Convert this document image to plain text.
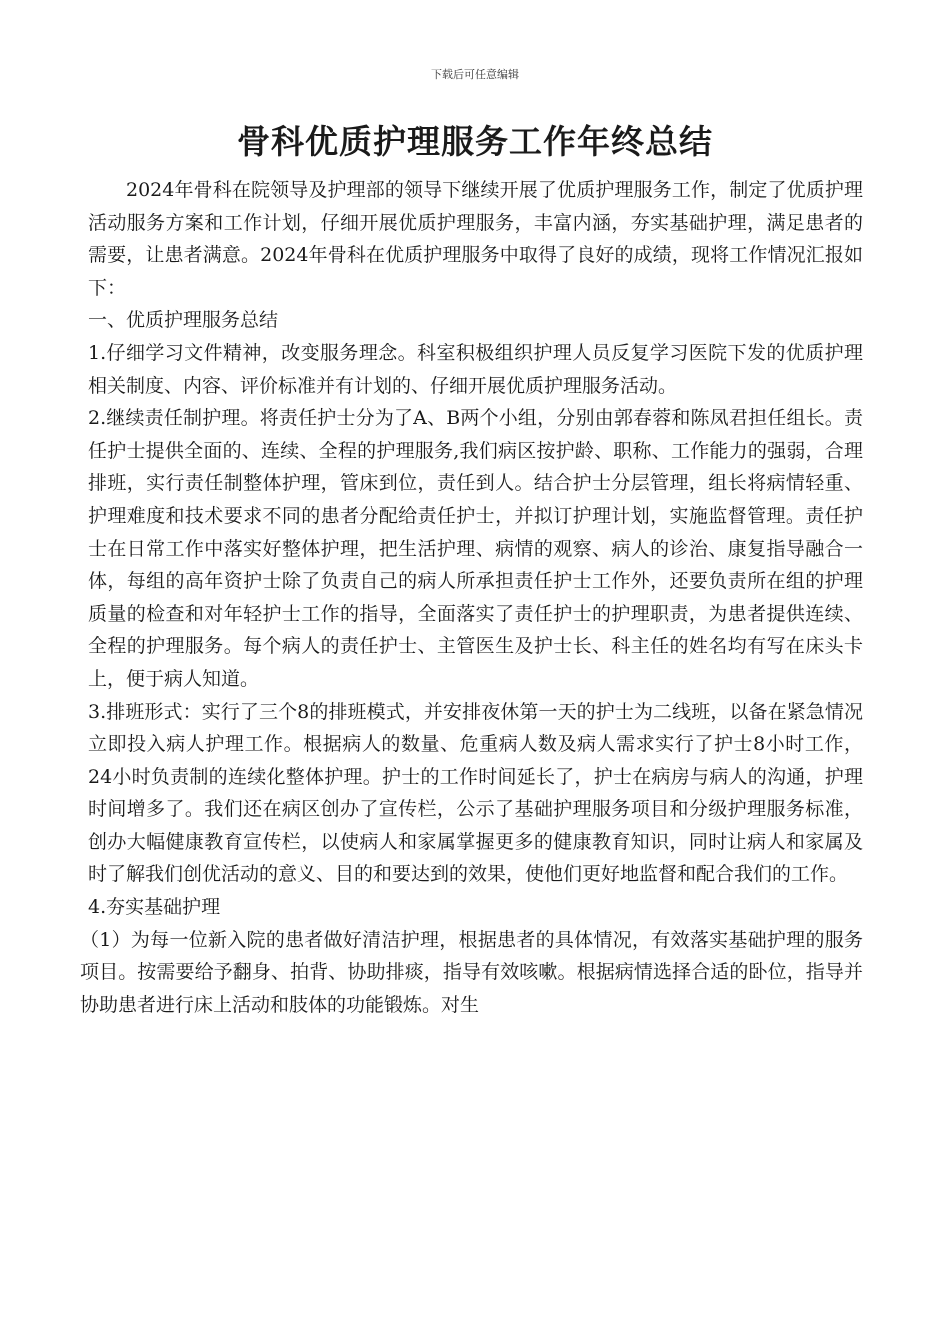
下载后可任意编辑
骨科优质护理服务工作年终总结

2024年骨科在院领导及护理部的领导下继续开展了优质护理服务工作，制定了优质护理活动服务方案和工作计划，仔细开展优质护理服务，丰富内涵，夯实基础护理，满足患者的需要，让患者满意。2024年骨科在优质护理服务中取得了良好的成绩，现将工作情况汇报如下：

一、优质护理服务总结

1.仔细学习文件精神，改变服务理念。科室积极组织护理人员反复学习医院下发的优质护理相关制度、内容、评价标准并有计划的、仔细开展优质护理服务活动。

2.继续责任制护理。将责任护士分为了A、B两个小组，分别由郭春蓉和陈凤君担任组长。责任护士提供全面的、连续、全程的护理服务,我们病区按护龄、职称、工作能力的强弱，合理排班，实行责任制整体护理，管床到位，责任到人。结合护士分层管理，组长将病情轻重、护理难度和技术要求不同的患者分配给责任护士，并拟订护理计划，实施监督管理。责任护士在日常工作中落实好整体护理，把生活护理、病情的观察、病人的诊治、康复指导融合一体，每组的高年资护士除了负责自己的病人所承担责任护士工作外，还要负责所在组的护理质量的检查和对年轻护士工作的指导，全面落实了责任护士的护理职责，为患者提供连续、全程的护理服务。每个病人的责任护士、主管医生及护士长、科主任的姓名均有写在床头卡上，便于病人知道。

3.排班形式：实行了三个8的排班模式，并安排夜休第一天的护士为二线班，以备在紧急情况立即投入病人护理工作。根据病人的数量、危重病人数及病人需求实行了护士8小时工作，24小时负责制的连续化整体护理。护士的工作时间延长了，护士在病房与病人的沟通，护理时间增多了。我们还在病区创办了宣传栏，公示了基础护理服务项目和分级护理服务标准，创办大幅健康教育宣传栏，以使病人和家属掌握更多的健康教育知识，同时让病人和家属及时了解我们创优活动的意义、目的和要达到的效果，使他们更好地监督和配合我们的工作。

4.夯实基础护理

（1）为每一位新入院的患者做好清洁护理，根据患者的具体情况，有效落实基础护理的服务项目。按需要给予翻身、拍背、协助排痰，指导有效咳嗽。根据病情选择合适的卧位，指导并协助患者进行床上活动和肢体的功能锻炼。对生
